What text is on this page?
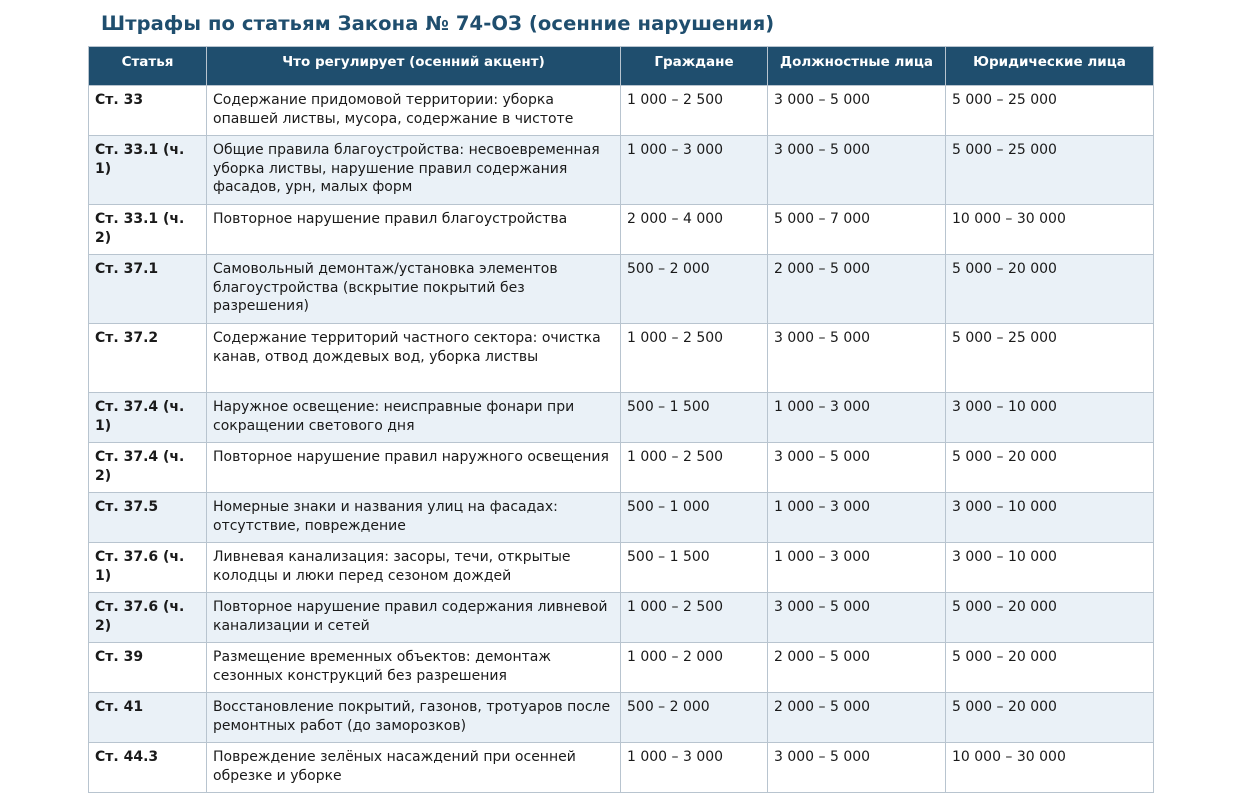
Штрафы по статьям Закона № 74-ОЗ (осенние нарушения)
Статья	Что регулирует (осенний акцент)	Граждане	Должностные лица	Юридические лица
Ст. 33	Содержание придомовой территории: уборка опавшей листвы, мусора, содержание в чистоте	1 000 – 2 500	3 000 – 5 000	5 000 – 25 000
Ст. 33.1 (ч. 1)	Общие правила благоустройства: несвоевременная уборка листвы, нарушение правил содержания фасадов, урн, малых форм	1 000 – 3 000	3 000 – 5 000	5 000 – 25 000
Ст. 33.1 (ч. 2)	Повторное нарушение правил благоустройства	2 000 – 4 000	5 000 – 7 000	10 000 – 30 000
Ст. 37.1	Самовольный демонтаж/установка элементов благоустройства (вскрытие покрытий без разрешения)	500 – 2 000	2 000 – 5 000	5 000 – 20 000
Ст. 37.2	Содержание территорий частного сектора: очистка канав, отвод дождевых вод, уборка листвы	1 000 – 2 500	3 000 – 5 000	5 000 – 25 000
Ст. 37.4 (ч. 1)	Наружное освещение: неисправные фонари при сокращении светового дня	500 – 1 500	1 000 – 3 000	3 000 – 10 000
Ст. 37.4 (ч. 2)	Повторное нарушение правил наружного освещения	1 000 – 2 500	3 000 – 5 000	5 000 – 20 000
Ст. 37.5	Номерные знаки и названия улиц на фасадах: отсутствие, повреждение	500 – 1 000	1 000 – 3 000	3 000 – 10 000
Ст. 37.6 (ч. 1)	Ливневая канализация: засоры, течи, открытые колодцы и люки перед сезоном дождей	500 – 1 500	1 000 – 3 000	3 000 – 10 000
Ст. 37.6 (ч. 2)	Повторное нарушение правил содержания ливневой канализации и сетей	1 000 – 2 500	3 000 – 5 000	5 000 – 20 000
Ст. 39	Размещение временных объектов: демонтаж сезонных конструкций без разрешения	1 000 – 2 000	2 000 – 5 000	5 000 – 20 000
Ст. 41	Восстановление покрытий, газонов, тротуаров после ремонтных работ (до заморозков)	500 – 2 000	2 000 – 5 000	5 000 – 20 000
Ст. 44.3	Повреждение зелёных насаждений при осенней обрезке и уборке	1 000 – 3 000	3 000 – 5 000	10 000 – 30 000
